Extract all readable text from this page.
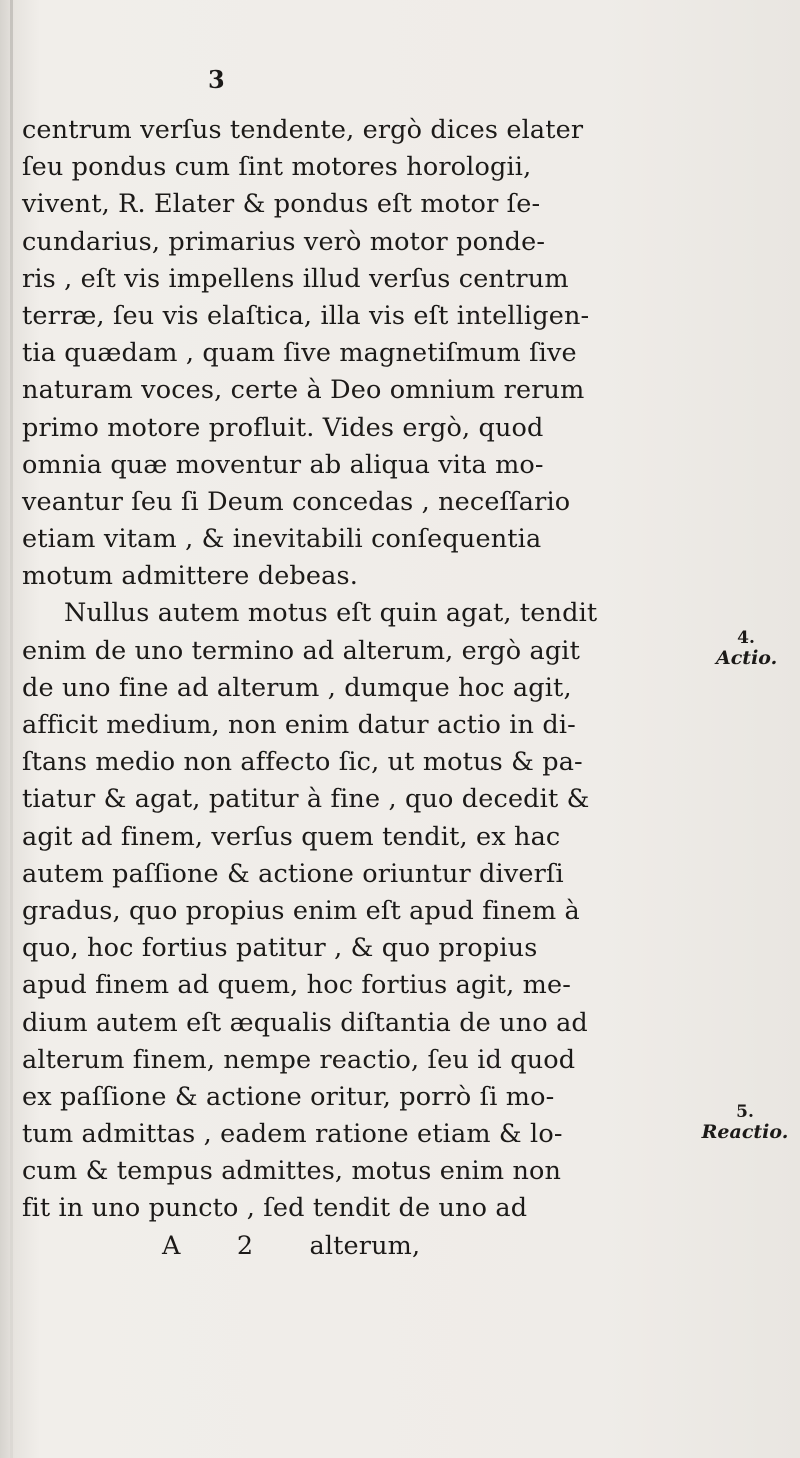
3
centrum verſus tendente, ergò dices elater
ſeu pondus cum ſint motores horologii,
vivent, R. Elater & pondus eſt motor ſe-
cundarius, primarius verò motor ponde-
ris , eſt vis impellens illud verſus centrum
terræ, ſeu vis elaſtica, illa vis eſt intelligen-
tia quædam , quam ſive magnetiſmum ſive
naturam voces, certe à Deo omnium rerum
primo motore profluit. Vides ergò, quod
omnia quæ moventur ab aliqua vita mo-
veantur ſeu ſi Deum concedas , neceſſario
etiam vitam , & inevitabili conſequentia
motum admittere debeas.
Nullus autem motus eſt quin agat, tendit
enim de uno termino ad alterum, ergò agit
de uno fine ad alterum , dumque hoc agit,
afficit medium, non enim datur actio in di-
ſtans medio non affecto ſic, ut motus & pa-
tiatur & agat, patitur à fine , quo decedit &
agit ad finem, verſus quem tendit, ex hac
autem paſſione & actione oriuntur diverſi
gradus, quo propius enim eſt apud finem à
quo, hoc fortius patitur , & quo propius
apud finem ad quem, hoc fortius agit, me-
dium autem eſt æqualis diſtantia de uno ad
alterum finem, nempe reactio, ſeu id quod
ex paſſione & actione oritur, porrò ſi mo-
tum admittas , eadem ratione etiam & lo-
cum & tempus admittes, motus enim non
fit in uno puncto , ſed tendit de uno ad
A 2 alterum,
4.
Actio.
5.
Reactio.
